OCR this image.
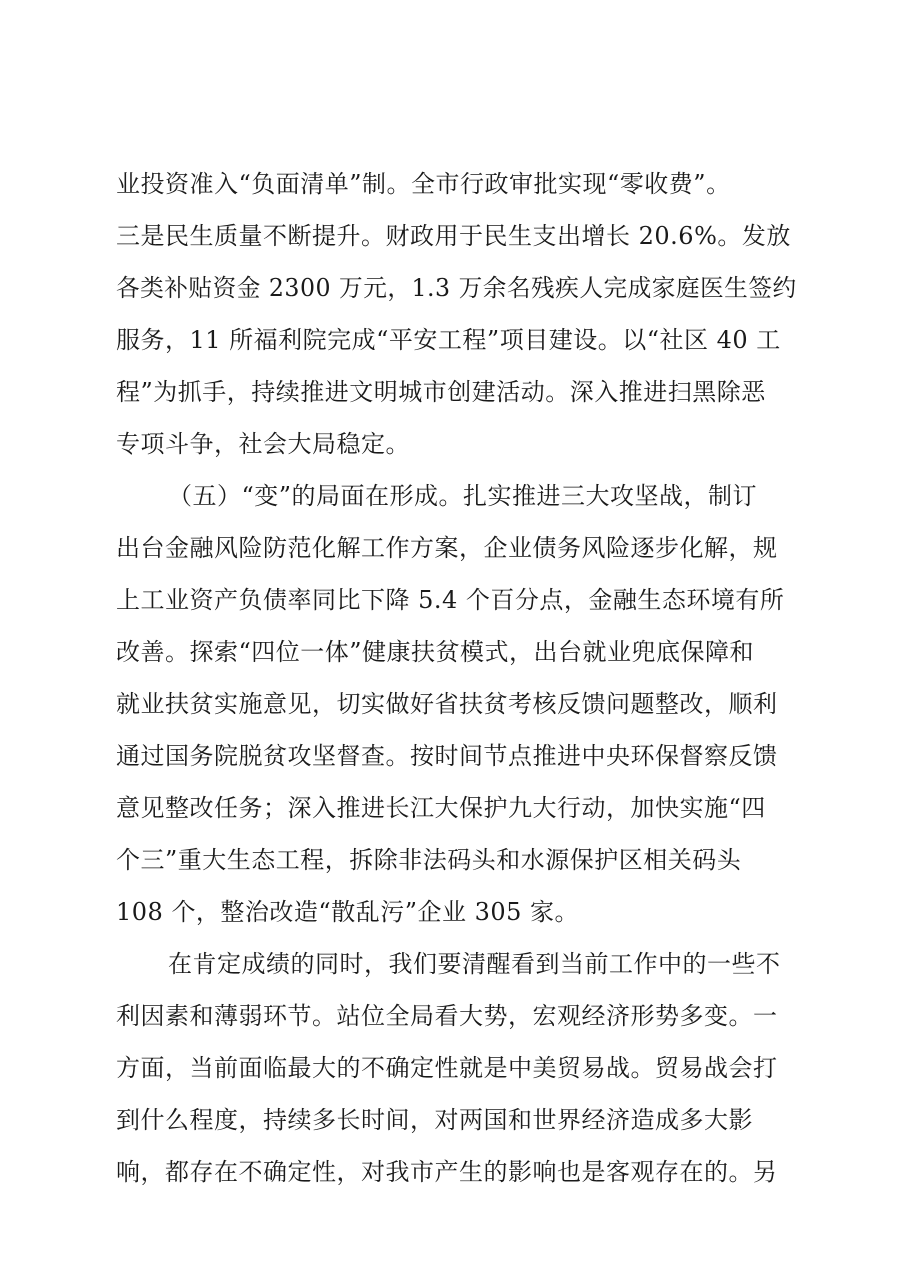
业投资准入“负面清单”制。全市行政审批实现“零收费”。
三是民生质量不断提升。财政用于民生支出增长 20.6%。发放
各类补贴资金 2300 万元，1.3 万余名残疾人完成家庭医生签约
服务，11 所福利院完成“平安工程”项目建设。以“社区 40 工
程”为抓手，持续推进文明城市创建活动。深入推进扫黑除恶
专项斗争，社会大局稳定。
（五）“变”的局面在形成。扎实推进三大攻坚战，制订
出台金融风险防范化解工作方案，企业债务风险逐步化解，规
上工业资产负债率同比下降 5.4 个百分点，金融生态环境有所
改善。探索“四位一体”健康扶贫模式，出台就业兜底保障和
就业扶贫实施意见，切实做好省扶贫考核反馈问题整改，顺利
通过国务院脱贫攻坚督查。按时间节点推进中央环保督察反馈
意见整改任务；深入推进长江大保护九大行动，加快实施“四
个三”重大生态工程，拆除非法码头和水源保护区相关码头
108 个，整治改造“散乱污”企业 305 家。
在肯定成绩的同时，我们要清醒看到当前工作中的一些不
利因素和薄弱环节。站位全局看大势，宏观经济形势多变。一
方面，当前面临最大的不确定性就是中美贸易战。贸易战会打
到什么程度，持续多长时间，对两国和世界经济造成多大影
响，都存在不确定性，对我市产生的影响也是客观存在的。另
